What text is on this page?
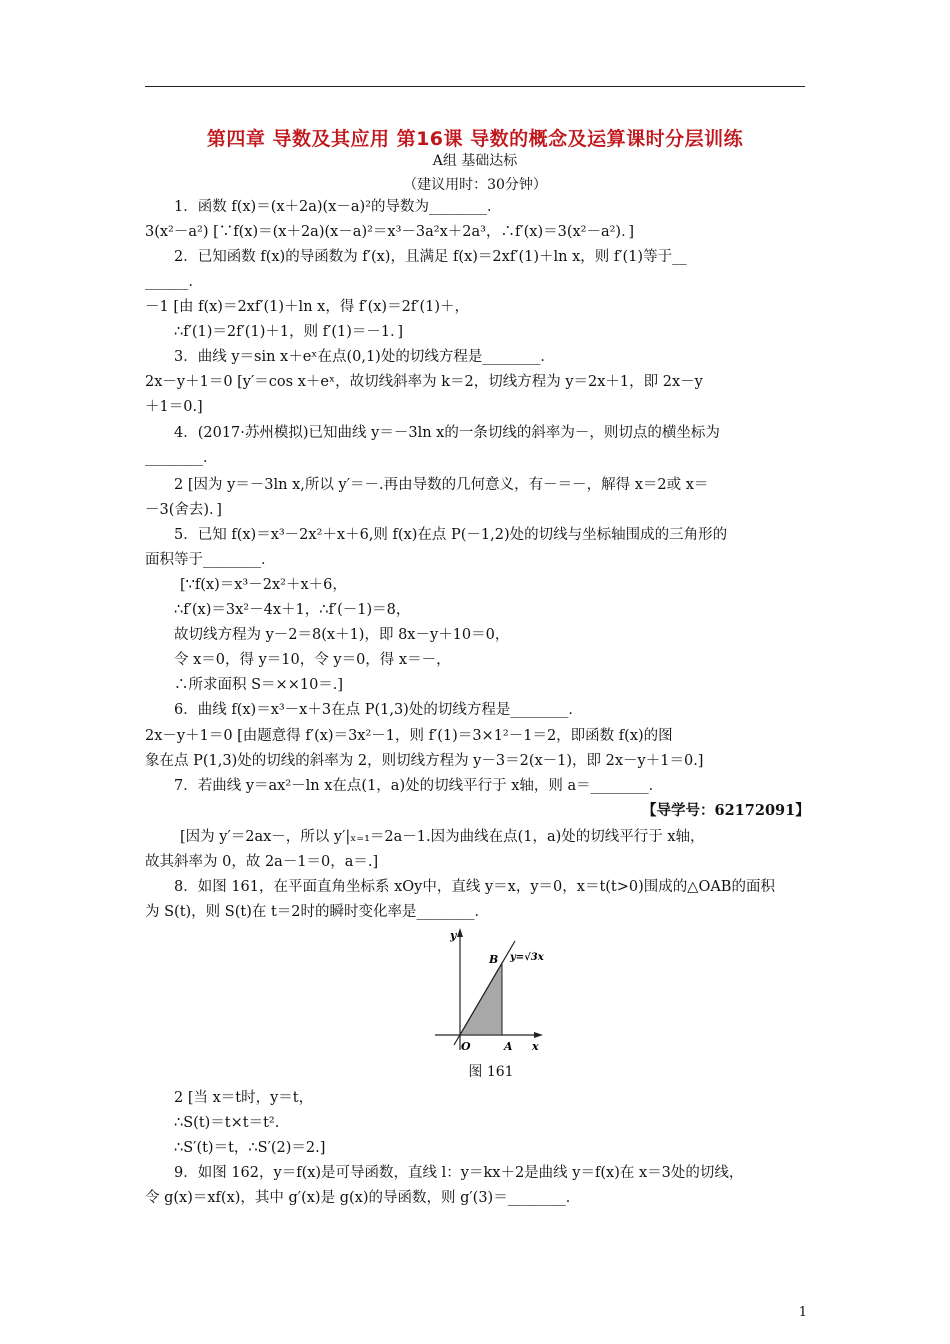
第四章 导数及其应用 第16课 导数的概念及运算课时分层训练
A组 基础达标
（建议用时：30分钟）
1．函数 f(x)＝(x＋2a)(x－a)²的导数为________．
3(x²－a²) [∵f(x)＝(x＋2a)(x－a)²＝x³－3a²x＋2a³，∴f′(x)＝3(x²－a²)．]
2．已知函数 f(x)的导函数为 f′(x)，且满足 f(x)＝2xf′(1)＋ln x，则 f′(1)等于__
______．
－1 [由 f(x)＝2xf′(1)＋ln x，得 f′(x)＝2f′(1)＋，
∴f′(1)＝2f′(1)＋1，则 f′(1)＝－1．]
3．曲线 y＝sin x＋eˣ在点(0,1)处的切线方程是________．
2x－y＋1＝0 [y′＝cos x＋eˣ，故切线斜率为 k＝2，切线方程为 y＝2x＋1，即 2x－y
＋1＝0.]
4．(2017·苏州模拟)已知曲线 y＝－3ln x的一条切线的斜率为－，则切点的横坐标为
________．
2 [因为 y＝－3ln x,所以 y′＝－.再由导数的几何意义，有－＝－，解得 x＝2或 x＝
－3(舍去)．]
5．已知 f(x)＝x³－2x²＋x＋6,则 f(x)在点 P(－1,2)处的切线与坐标轴围成的三角形的
面积等于________．
[∵f(x)＝x³－2x²＋x＋6，
∴f′(x)＝3x²－4x＋1，∴f′(－1)＝8，
故切线方程为 y－2＝8(x＋1)，即 8x－y＋10＝0，
令 x＝0，得 y＝10，令 y＝0，得 x＝－，
∴所求面积 S＝××10＝.]
6．曲线 f(x)＝x³－x＋3在点 P(1,3)处的切线方程是________．
2x－y＋1＝0 [由题意得 f′(x)＝3x²－1，则 f′(1)＝3×1²－1＝2，即函数 f(x)的图
象在点 P(1,3)处的切线的斜率为 2，则切线方程为 y－3＝2(x－1)，即 2x－y＋1＝0.]
7．若曲线 y＝ax²－ln x在点(1，a)处的切线平行于 x轴，则 a＝________．
【导学号：62172091】
[因为 y′＝2ax－，所以 y′|ₓ₌₁＝2a－1.因为曲线在点(1，a)处的切线平行于 x轴，
故其斜率为 0，故 2a－1＝0，a＝.]
8．如图 161，在平面直角坐标系 xOy中，直线 y＝x，y＝0，x＝t(t>0)围成的△OAB的面积
为 S(t)，则 S(t)在 t＝2时的瞬时变化率是________．
y
x
O	A
B y=√3x
图 161
2 [当 x＝t时，y＝t，
∴S(t)＝t×t＝t².
∴S′(t)＝t，∴S′(2)＝2.]
9．如图 162，y＝f(x)是可导函数，直线 l：y＝kx＋2是曲线 y＝f(x)在 x＝3处的切线，
令 g(x)＝xf(x)，其中 g′(x)是 g(x)的导函数，则 g′(3)＝________．
1
